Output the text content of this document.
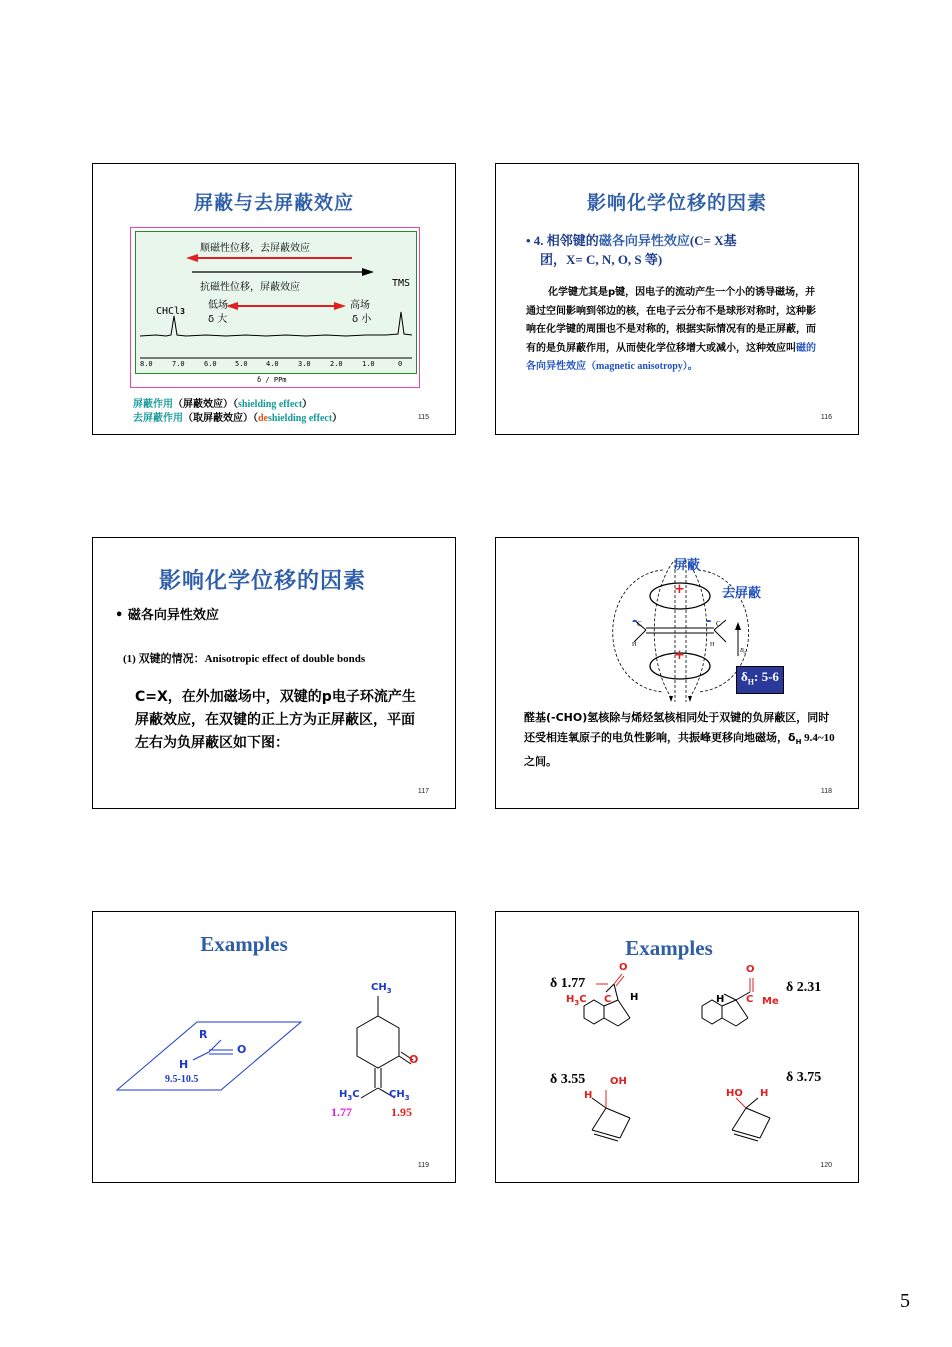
屏蔽与去屏蔽效应
顺磁性位移，去屏蔽效应
抗磁性位移，屏蔽效应
低场
δ 大
高场
δ 小
CHCl3
TMS
8.0	7.0	6.0	5.0	4.0	3.0	2.0	1.0	0
δ / PPm
屏蔽作用（屏蔽效应）（shielding effect）
去屏蔽作用（取屏蔽效应）（deshielding effect）	115
影响化学位移的因素
• 4. 相邻键的磁各向异性效应(C= X基
团，X= C, N, O, S 等)
化学键尤其是p键，因电子的流动产生一个小的诱导磁场，并通过空间影响到邻边的核，在电子云分布不是球形对称时，这种影响在化学键的周围也不是对称的，根据实际情况有的是正屏蔽，而有的是负屏蔽作用，从而使化学位移增大或减小，这种效应叫磁的各向异性效应（magnetic anisotropy）。
116
影响化学位移的因素
• 磁各向异性效应
(1) 双键的情况：Anisotropic effect of double bonds
C=X，在外加磁场中，双键的p电子环流产生屏蔽效应，在双键的正上方为正屏蔽区，平面左右为负屏蔽区如下图：
117
屏蔽
去屏蔽
+
+
-	-
C	C
H	H
$B_0$
$\delta_H$: 5-6
醛基(-CHO)氢核除与烯烃氢核相同处于双键的负屏蔽区，同时还受相连氧原子的电负性影响，共振峰更移向地磁场，$\delta_H$ 9.4~10之间。
118
Examples
R
O
H
9.5-10.5
$CH_3$
O
$H_3C$	$CH_3$
1.77	1.95
119
Examples
δ 1.77	δ 2.31
δ 3.55	δ 3.75
O
$H_3C$ C H
O
H C Me
OH
H	HO H
120
5
